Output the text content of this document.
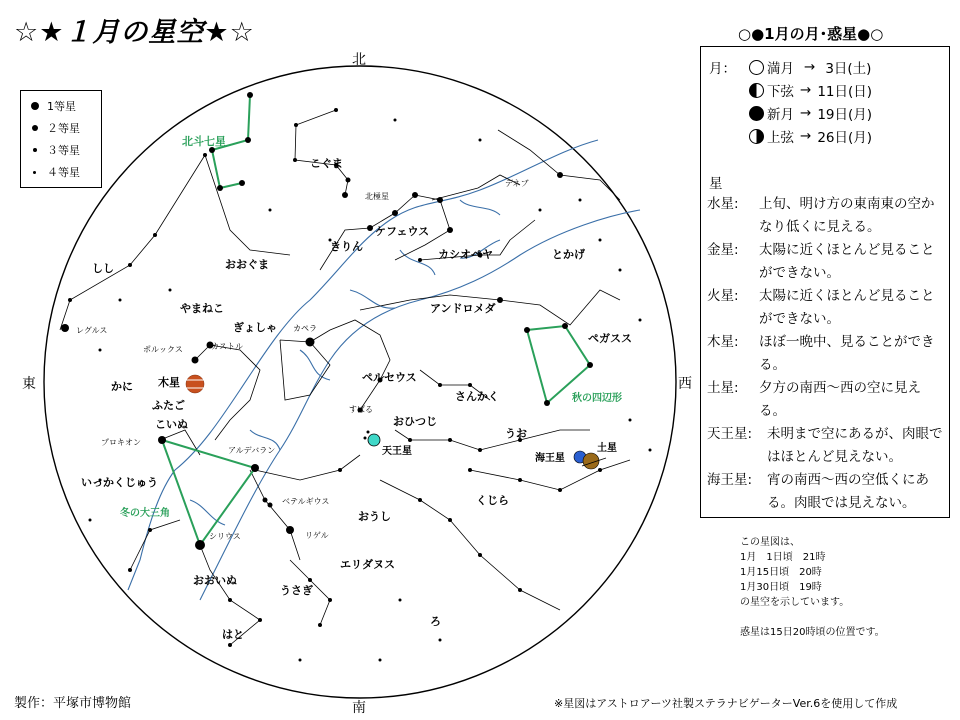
☆★１月の星空★☆	○●1月の月･惑星●○
1等星
２等星
３等星
４等星
北斗七星
こぐま
北極星
ケフェウス
きりん
カシオペヤ
デネブ
とかげ
おおぐま
しし
やまねこ
レグルス	ぎょしゃ カペラ
ポルックス	カストル
アンドロメダ
ペガスス
秋の四辺形
かに 木星
ふたご
ペルセウス
さんかく
すばる
おひつじ
天王星
こいぬ
プロキオン
アルデバラン
うお
海王星
土星
いっかくじゅう
冬の大三角
ベテルギウス	くじら
シリウス	リゲル
おうし
エリダヌス
おおいぬ
うさぎ
はと
ろ
北
南
東	西
月： 満月 → 3日(土)
下弦 → 11日(日)
新月 → 19日(月)
上弦 → 26日(月)
星
水星: 上旬、明け方の東南東の空かなり低くに見える。
金星: 太陽に近くほとんど見ることができない。
火星: 太陽に近くほとんど見ることができない。
木星: ほぼ一晩中、見ることができる。
土星: 夕方の南西～西の空に見える。
天王星: 未明まで空にあるが、肉眼ではほとんど見えない。
海王星: 宵の南西～西の空低くにある。肉眼では見えない。
この星図は、
1月　1日頃　21時
1月15日頃　20時
1月30日頃　19時
の星空を示しています。
惑星は15日20時頃の位置です。
製作：平塚市博物館	※星図はアストロアーツ社製ステラナビゲーターVer.6を使用して作成
